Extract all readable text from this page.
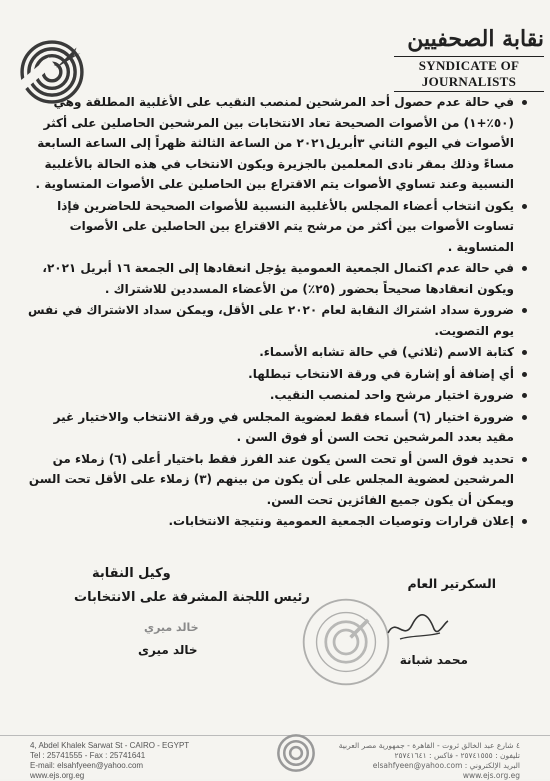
نقابة الصحفيين
SYNDICATE OF JOURNALISTS
في حالة عدم حصول أحد المرشحين لمنصب النقيب على الأغلبية المطلقة وهي (٥٠٪+١) من الأصوات الصحيحة تعاد الانتخابات بين المرشحين الحاصلين على أكثر الأصوات في اليوم الثاني ٣أبريل٢٠٢١ من الساعة الثالثة ظهراً إلى الساعة السابعة مساءً وذلك بمقر نادى المعلمين بالجزيرة ويكون الانتخاب في هذه الحالة بالأغلبية النسبية وعند تساوي الأصوات يتم الاقتراع بين الحاصلين على الأصوات المتساوية .
يكون انتخاب أعضاء المجلس بالأغلبية النسبية للأصوات الصحيحة للحاضرين فإذا تساوت الأصوات بين أكثر من مرشح يتم الاقتراع بين الحاصلين على الأصوات المتساوية .
في حالة عدم اكتمال الجمعية العمومية يؤجل انعقادها إلى الجمعة ١٦ أبريل ٢٠٢١، ويكون انعقادها صحيحاً بحضور (٢٥٪) من الأعضاء المسددين للاشتراك .
ضرورة سداد اشتراك النقابة لعام ٢٠٢٠ على الأقل، ويمكن سداد الاشتراك في نفس يوم التصويت.
كتابة الاسم (ثلاثي) في حالة تشابه الأسماء.
أي إضافة أو إشارة في ورقة الانتخاب تبطلها.
ضرورة اختيار مرشح واحد لمنصب النقيب.
ضرورة اختيار (٦) أسماء فقط لعضوية المجلس في ورقة الانتخاب والاختيار غير مقيد بعدد المرشحين تحت السن أو فوق السن .
تحديد فوق السن أو تحت السن يكون عند الفرز فقط باختيار أعلى (٦) زملاء من المرشحين لعضوية المجلس على أن يكون من بينهم (٣) زملاء على الأقل تحت السن ويمكن أن يكون جميع الفائزين تحت السن.
إعلان قرارات وتوصيات الجمعية العمومية ونتيجة الانتخابات.
السكرتير العام
محمد شبانة
وكيل النقابة
رئيس اللجنة المشرفة على الانتخابات
خالد ميري
خالد ميرى
4, Abdel Khalek Sarwat St - CAIRO - EGYPT
Tel : 25741555 - Fax : 25741641
E-mail: elsahfyeen@yahoo.com
www.ejs.org.eg
٤ شارع عبد الخالق ثروت - القاهرة - جمهورية مصر العربية
تليفون : ٢٥٧٤١٥٥٥ - فاكس : ٢٥٧٤١٦٤١
البريد الإلكتروني : elsahfyeen@yahoo.com
www.ejs.org.eg
